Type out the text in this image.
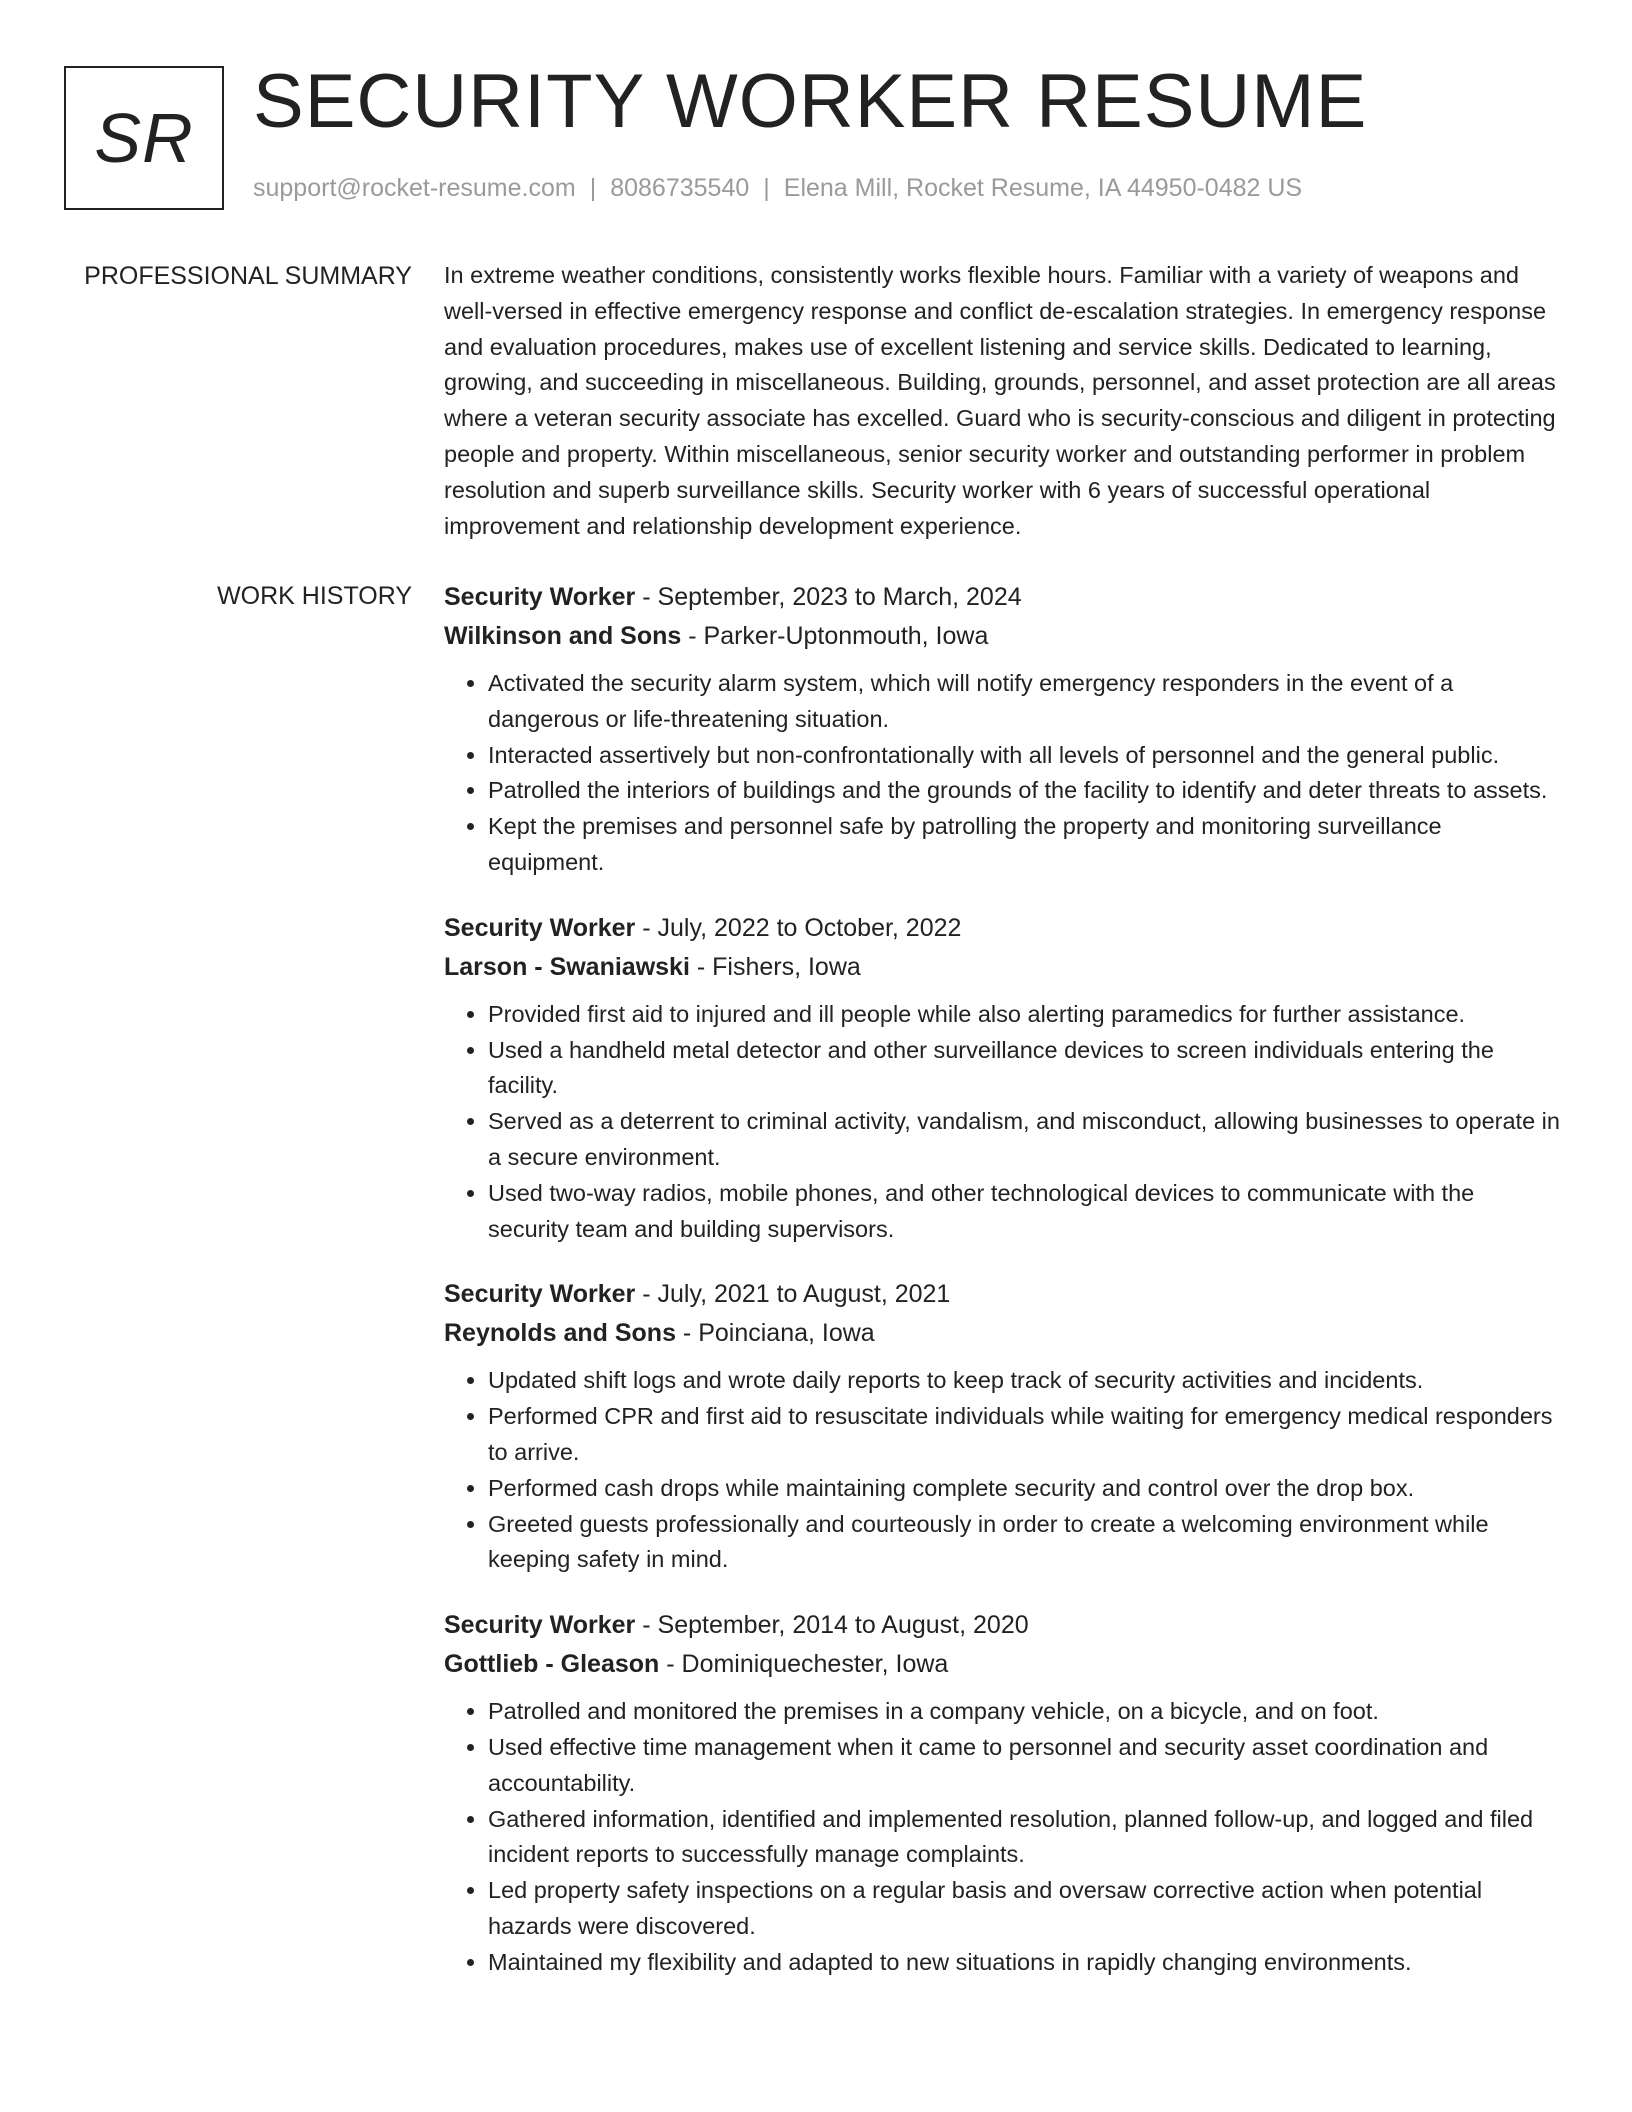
SR SECURITY WORKER RESUME
support@rocket-resume.com | 8086735540 | Elena Mill, Rocket Resume, IA 44950-0482 US
PROFESSIONAL SUMMARY In extreme weather conditions, consistently works flexible hours. Familiar with a variety of weapons and well-versed in effective emergency response and conflict de-escalation strategies. In emergency response and evaluation procedures, makes use of excellent listening and service skills. Dedicated to learning, growing, and succeeding in miscellaneous. Building, grounds, personnel, and asset protection are all areas where a veteran security associate has excelled. Guard who is security-conscious and diligent in protecting people and property. Within miscellaneous, senior security worker and outstanding performer in problem resolution and superb surveillance skills. Security worker with 6 years of successful operational improvement and relationship development experience.

WORK HISTORY Security Worker - September, 2023 to March, 2024

Wilkinson and Sons - Parker-Uptonmouth, Iowa

• Activated the security alarm system, which will notify emergency responders in the event of a dangerous or life-threatening situation.
• Interacted assertively but non-confrontationally with all levels of personnel and the general public.
• Patrolled the interiors of buildings and the grounds of the facility to identify and deter threats to assets.
• Kept the premises and personnel safe by patrolling the property and monitoring surveillance equipment.

Security Worker - July, 2022 to October, 2022

Larson - Swaniawski - Fishers, Iowa

• Provided first aid to injured and ill people while also alerting paramedics for further assistance.
• Used a handheld metal detector and other surveillance devices to screen individuals entering the facility.
• Served as a deterrent to criminal activity, vandalism, and misconduct, allowing businesses to operate in a secure environment.
• Used two-way radios, mobile phones, and other technological devices to communicate with the security team and building supervisors.

Security Worker - July, 2021 to August, 2021

Reynolds and Sons - Poinciana, Iowa

• Updated shift logs and wrote daily reports to keep track of security activities and incidents.
• Performed CPR and first aid to resuscitate individuals while waiting for emergency medical responders to arrive.
• Performed cash drops while maintaining complete security and control over the drop box.
• Greeted guests professionally and courteously in order to create a welcoming environment while keeping safety in mind.

Security Worker - September, 2014 to August, 2020

Gottlieb - Gleason - Dominiquechester, Iowa

• Patrolled and monitored the premises in a company vehicle, on a bicycle, and on foot.
• Used effective time management when it came to personnel and security asset coordination and accountability.
• Gathered information, identified and implemented resolution, planned follow-up, and logged and filed incident reports to successfully manage complaints.
• Led property safety inspections on a regular basis and oversaw corrective action when potential hazards were discovered.
• Maintained my flexibility and adapted to new situations in rapidly changing environments.
